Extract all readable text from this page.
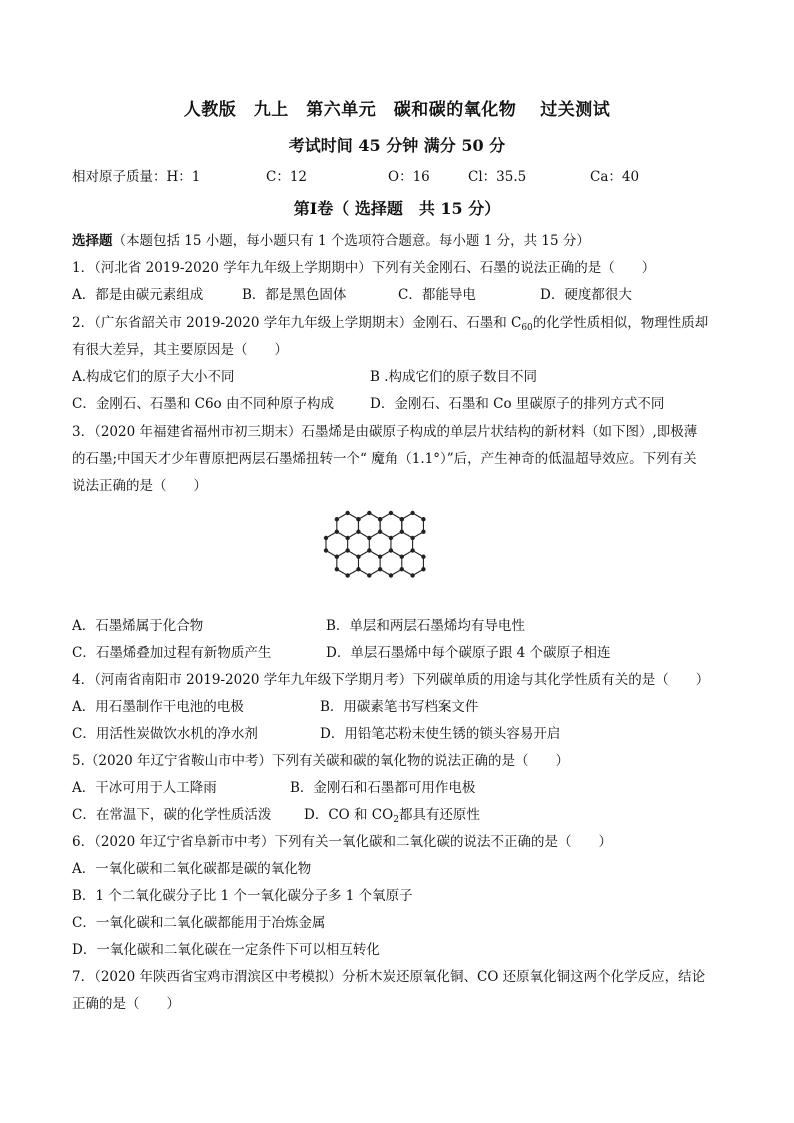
人教版　九上　第六单元　碳和碳的氧化物　 过关测试
考试时间 45 分钟 满分 50 分
相对原子质量：H：1	C：12	O：16	Cl：35.5	Ca：40
第Ⅰ卷（ 选择题　共 15 分）
选择题（本题包括 15 小题，每小题只有 1 个选项符合题意。每小题 1 分，共 15 分）
1．（河北省 2019-2020 学年九年级上学期期中）下列有关金刚石、石墨的说法正确的是（　　）
A．都是由碳元素组成	B．都是黑色固体	C．都能导电	D．硬度都很大
2．（广东省韶关市 2019-2020 学年九年级上学期期末）金刚石、石墨和 $C_{60}$的化学性质相似，物理性质却
有很大差异，其主要原因是（　　）
A.构成它们的原子大小不同	B .构成它们的原子数目不同
C．金刚石、石墨和 C6o 由不同种原子构成	D．金刚石、石墨和 Co 里碳原子的排列方式不同
3．（2020 年福建省福州市初三期末）石墨烯是由碳原子构成的单层片状结构的新材料（如下图）,即极薄
的石墨;中国天才少年曹原把两层石墨烯扭转一个“ 魔角（1.1°）”后，产生神奇的低温超导效应。下列有关
说法正确的是（　　）
A．石墨烯属于化合物	B．单层和两层石墨烯均有导电性
C．石墨烯叠加过程有新物质产生	D．单层石墨烯中每个碳原子跟 4 个碳原子相连
4．（河南省南阳市 2019-2020 学年九年级下学期月考）下列碳单质的用途与其化学性质有关的是（　　）
A．用石墨制作干电池的电极	B．用碳素笔书写档案文件
C．用活性炭做饮水机的净水剂	D．用铅笔芯粉末使生锈的锁头容易开启
5.（2020 年辽宁省鞍山市中考）下列有关碳和碳的氧化物的说法正确的是（　　）
A．干冰可用于人工降雨	B．金刚石和石墨都可用作电极
C．在常温下，碳的化学性质活泼 D．CO 和 $CO_2$都具有还原性
6．（2020 年辽宁省阜新市中考）下列有关一氧化碳和二氧化碳的说法不正确的是（　　）
A．一氧化碳和二氧化碳都是碳的氧化物
B．1 个二氧化碳分子比 1 个一氧化碳分子多 1 个氧原子
C．一氧化碳和二氧化碳都能用于冶炼金属
D．一氧化碳和二氧化碳在一定条件下可以相互转化
7．（2020 年陕西省宝鸡市渭滨区中考模拟）分析木炭还原氧化铜、CO 还原氧化铜这两个化学反应，结论
正确的是（　　）
